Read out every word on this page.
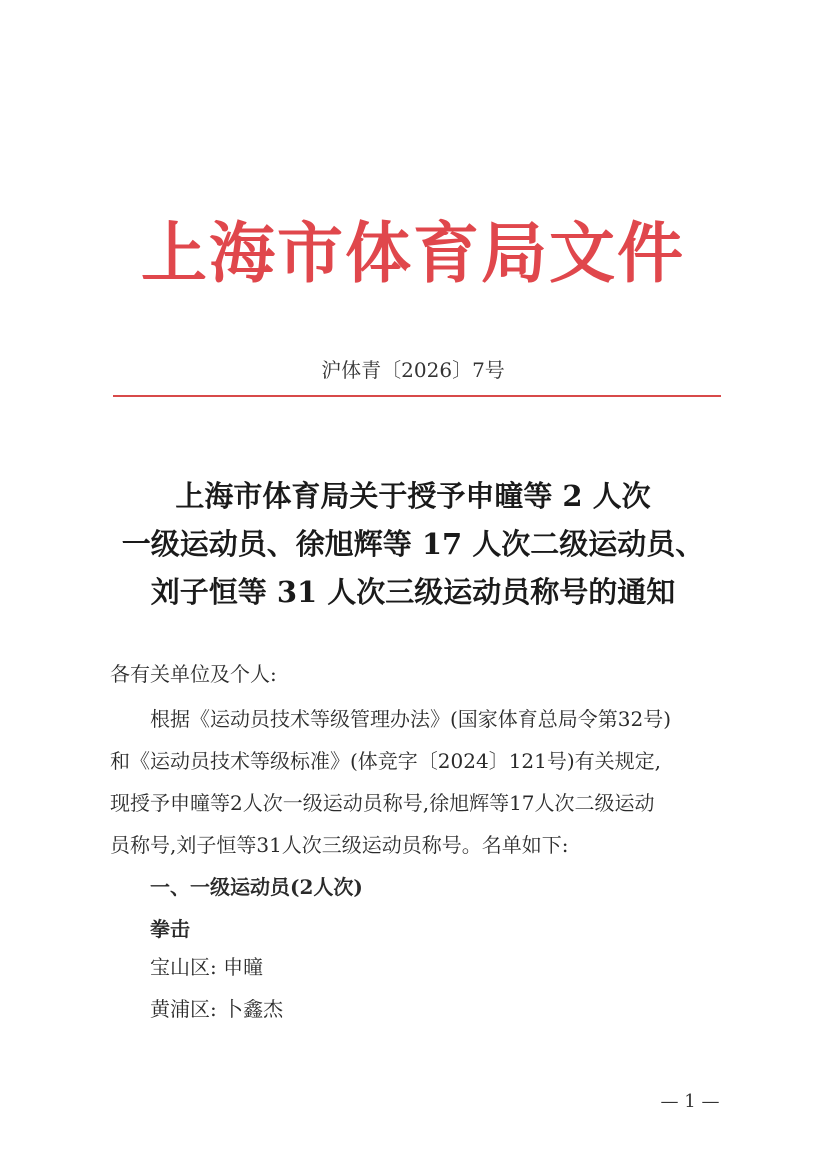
上海市体育局文件
沪体青〔2026〕7号
上海市体育局关于授予申曈等 2 人次
一级运动员、徐旭辉等 17 人次二级运动员、
刘子恒等 31 人次三级运动员称号的通知
各有关单位及个人:
根据《运动员技术等级管理办法》(国家体育总局令第32号)
和《运动员技术等级标准》(体竞字〔2024〕121号)有关规定,
现授予申曈等2人次一级运动员称号,徐旭辉等17人次二级运动
员称号,刘子恒等31人次三级运动员称号。名单如下:
一、一级运动员(2人次)
拳击
宝山区: 申曈
黄浦区: 卜鑫杰
— 1 —
